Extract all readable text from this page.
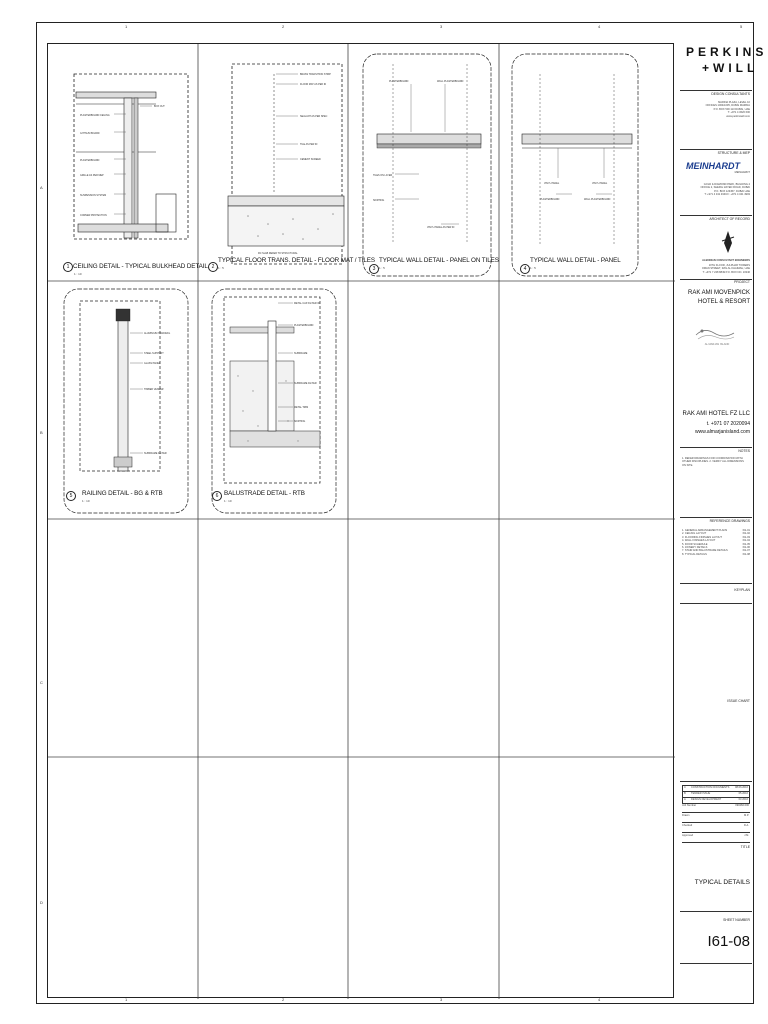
1	2	3	4	5
1	2	3	4
A
B
C
D
PLASTERBOARD CEILING
GYPSUM BOARD
PLASTERBOARD
GRILLE AS PER MEP
SUSPENSION SYSTEM
CORNER PROTECTION
BOX OUT
1 CEILING DETAIL - TYPICAL BULKHEAD DETAIL
1 : 10
BRASS TRANSITION STRIP
FLOOR MAT AS PER ID
SEALANT AS PER SPEC
TILE AS PER ID
CEMENT SCREED
RC SLAB REFER TO STRUCTURAL
2
TYPICAL FLOOR TRANS. DETAIL - FLOOR MAT / TILES
1 : 5
PLASTERBOARD	WALL PLASTERBOARD
TILES ON LAYER
SKIRTING
VINYL PANEL AS PER ID
3
TYPICAL WALL DETAIL - PANEL ON TILES
1 : 5
VINYL PANEL	VINYL PANEL
PLASTERBOARD	WALL PLASTERBOARD
4
TYPICAL WALL DETAIL - PANEL
1 : 5
ALUMINIUM HANDRAIL
STEEL SUPPORT
GLASS PANEL
TIMBER VENEER
SUBFRAME AS PER
5	RAILING DETAIL - BG & RTB
1 : 10
METAL CAP AS PER ID
PLASTERBOARD
SUBFRAME
SUBFRAME AS PER
METAL TRIM
SKIRTING
6 BALUSTRADE DETAIL - RTB
1 : 10
PERKINS
+WILL
DESIGN CONSULTANTS
MARINA PLAZA, LEVEL 10
OFFICES 1004/1005, DUBAI MARINA
P.O. BOX 500 113 DUBAI, UAE
T: +971 4 3620 600
www.perkinswill.com
STRUCTURE & MEP
MEINHARDT
MEINHARDT
GOLD & DIAMOND PARK, BUILDING 4
OFFICE 2, SHEIKH ZAYED ROAD, DUBAI
P.O. BOX 123457, DUBAI UAE
T: +971 4 341 4994 F: +971 4 341 4993
ARCHITECT OF RECORD
ALBONIAN CONSULTANT ENGINEERS
10TH FLOOR, JULPHAR TOWERS
OMAN STREET, RAS AL KHAIMAH, UAE
T: +971 7 228 8849 P.O. BOX NO. 10346
PROJECT
RAK AMI MOVENPICK
HOTEL & RESORT
AL MARJAN ISLAND
RAK AMI HOTEL FZ LLC
t. +971 07 2020094
www.almarjanisland.com
NOTES
1. REFER DRAWINGS FOR COORDINATION WITH OTHER DISCIPLINES. 2. VERIFY ALL DIMENSIONS ON SITE.
REFERENCE DRAWINGS
1. GENERAL ARRANGEMENT PLANS	I61-01
2. CEILING LAYOUT	I61-02
3. FLOORING FINISHES LAYOUT	I61-03
4. WALL FINISHES LAYOUT	I61-04
5. DOOR SCHEDULE	I61-05
6. JOINERY DETAILS	I61-06
7. STAIR AND BALUSTRADE DETAILS	I61-07
8. TYPICAL DETAILS	I61-08
KEYPLAN
ISSUE CHART
C CONSTRUCTION DOCUMENTS 08.06.2016
B TENDER ISSUE	05.2016
A DESIGN DEVELOPMENT	03.2016
Job Number	090282.000
Drawn	M.P.
Checked	D.A.
Approved	J.M.
TITLE
TYPICAL DETAILS
SHEET NUMBER
I61-08
